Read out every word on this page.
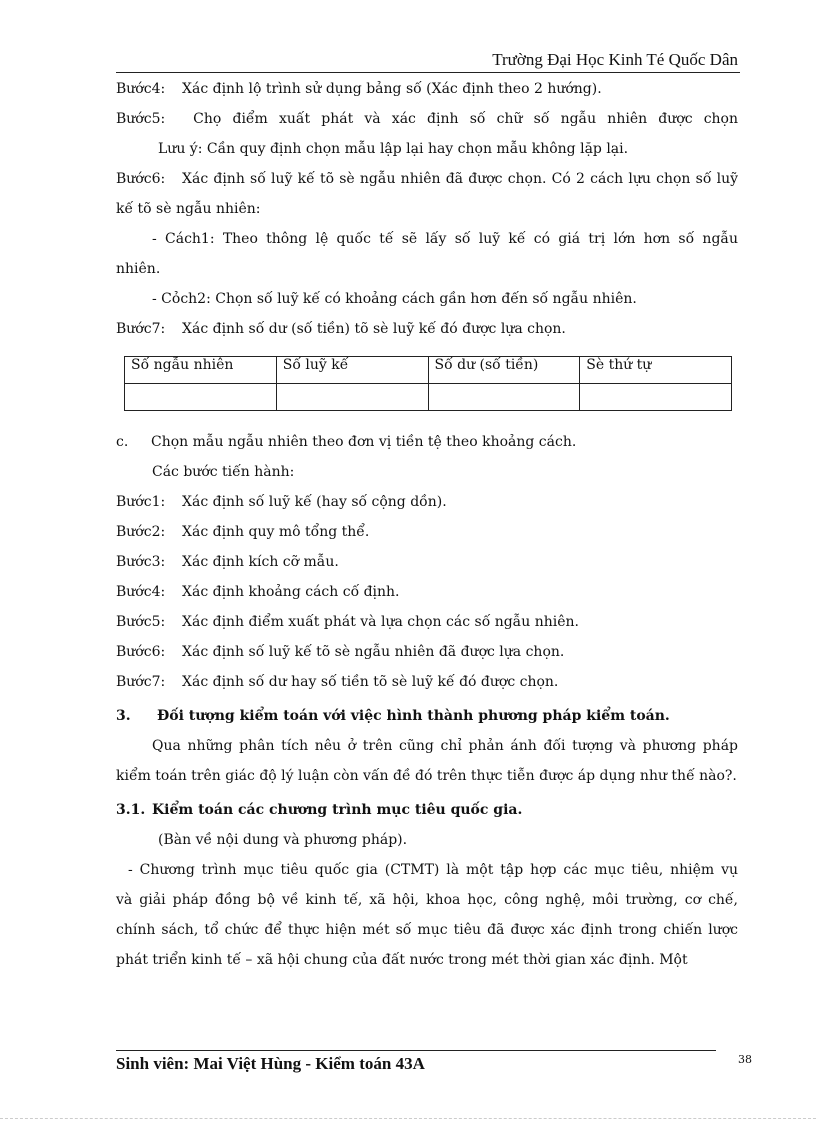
Trường Đại Học Kinh Té Quốc Dân
Bước4: Xác định lộ trình sử dụng bảng số (Xác định theo 2 hướng).
Bước5: Chọ điểm xuất phát và xác định số chữ số ngẫu nhiên được chọn
Lưu ý: Cần quy định chọn mẫu lập lại hay chọn mẫu không lặp lại.
Bước6: Xác định số luỹ kế tõ sè ngẫu nhiên đã được chọn. Có 2 cách lựu chọn số luỹ
kế tõ sè ngẫu nhiên:
- Cách1: Theo thông lệ quốc tế sẽ lấy số luỹ kế có giá trị lớn hơn số ngẫu
nhiên.
- Cỏch2: Chọn số luỹ kế có khoảng cách gần hơn đến số ngẫu nhiên.
Bước7: Xác định số dư (số tiền) tõ sè luỹ kế đó được lựa chọn.
Số ngẫu nhiên	Số luỹ kế	Số dư (số tiền)	Sè thứ tự

c. Chọn mẫu ngẫu nhiên theo đơn vị tiền tệ theo khoảng cách.
Các bước tiến hành:
Bước1: Xác định số luỹ kế (hay số cộng dồn).
Bước2: Xác định quy mô tổng thể.
Bước3: Xác định kích cỡ mẫu.
Bước4: Xác định khoảng cách cố định.
Bước5: Xác định điểm xuất phát và lựa chọn các số ngẫu nhiên.
Bước6: Xác định số luỹ kế tõ sè ngẫu nhiên đã được lựa chọn.
Bước7: Xác định số dư hay số tiền tõ sè luỹ kế đó được chọn.
3. Đối tượng kiểm toán với việc hình thành phương pháp kiểm toán.
Qua những phân tích nêu ở trên cũng chỉ phản ánh đối tượng và phương pháp
kiểm toán trên giác độ lý luận còn vấn đề đó trên thực tiễn được áp dụng như thế nào?.
3.1. Kiểm toán các chương trình mục tiêu quốc gia.
(Bàn về nội dung và phương pháp).
- Chương trình mục tiêu quốc gia (CTMT) là một tập hợp các mục tiêu, nhiệm vụ
và giải pháp đồng bộ về kinh tế, xã hội, khoa học, công nghệ, môi trường, cơ chế,
chính sách, tổ chức để thực hiện mét số mục tiêu đã được xác định trong chiến lược
phát triển kinh tế – xã hội chung của đất nước trong mét thời gian xác định. Một
Sinh viên: Mai Việt Hùng - Kiểm toán 43A	38
